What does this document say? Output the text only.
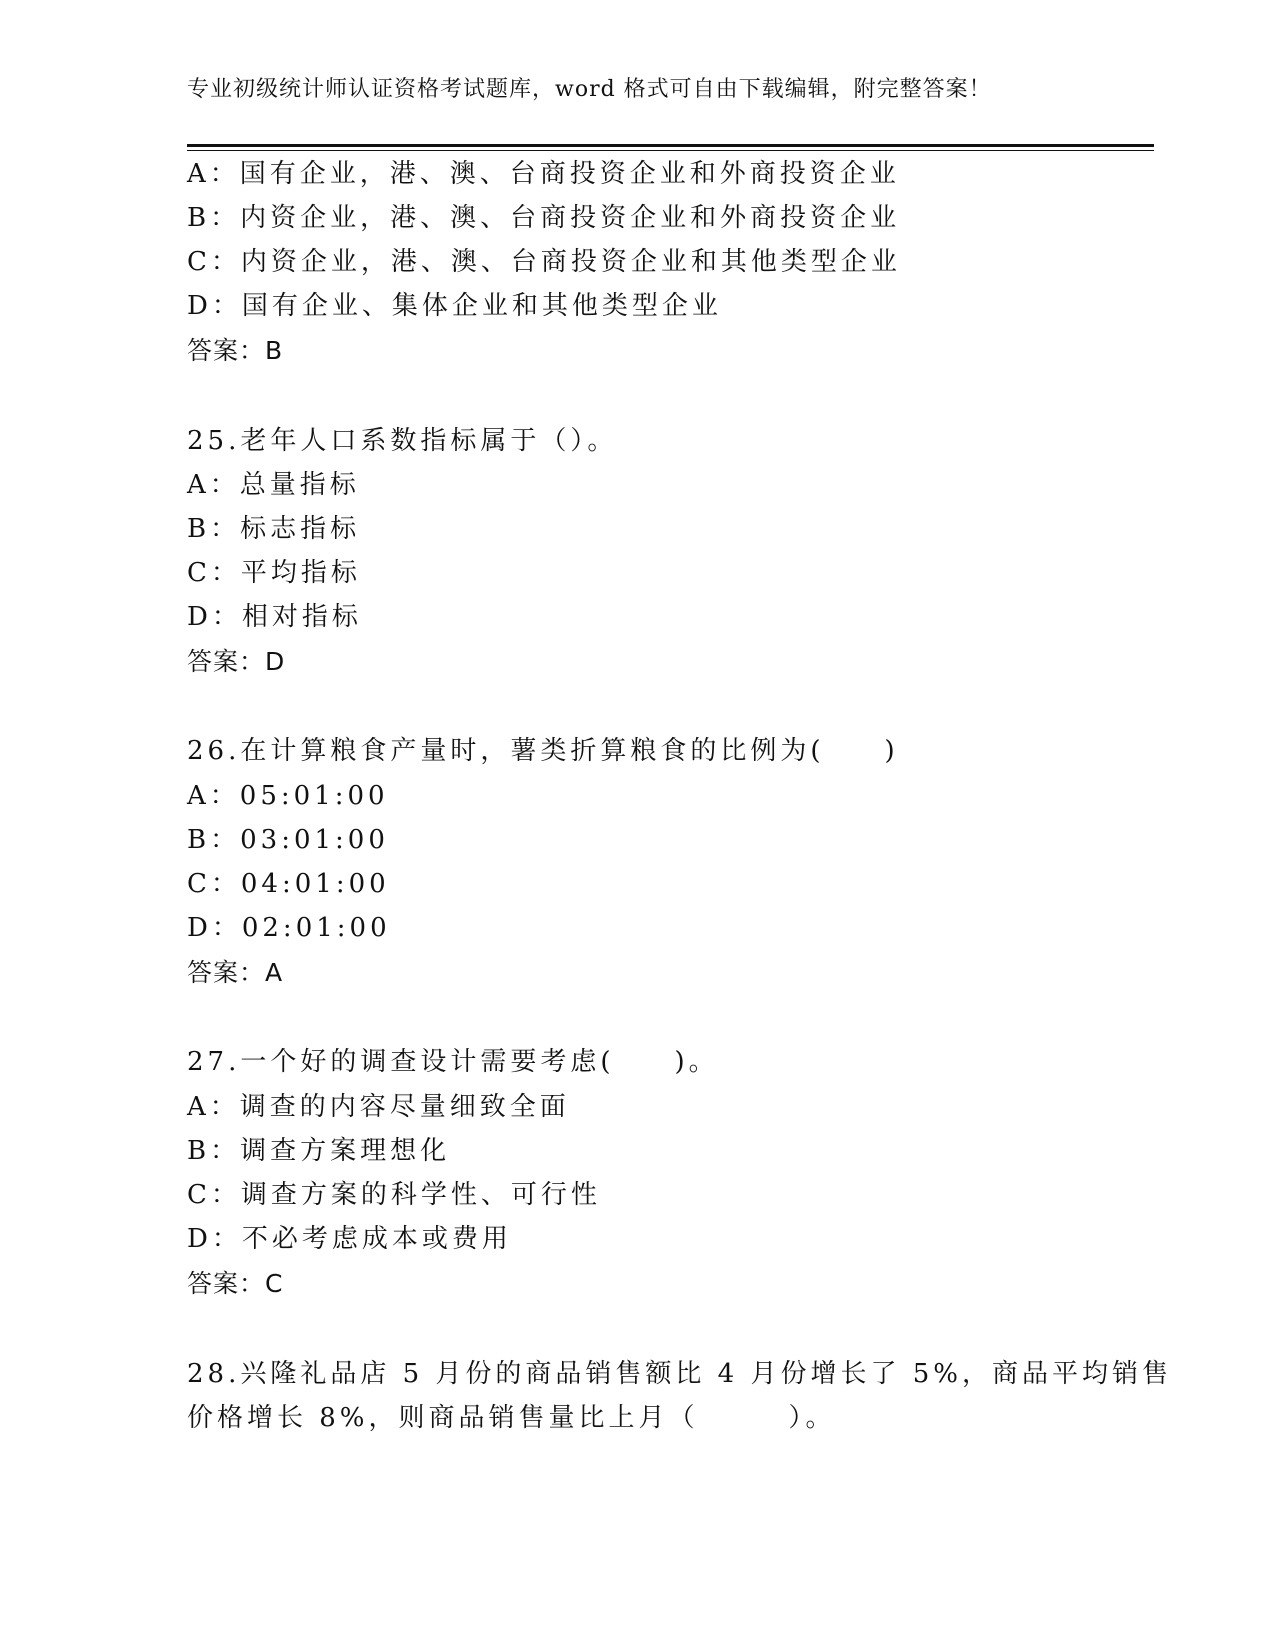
专业初级统计师认证资格考试题库，word 格式可自由下载编辑，附完整答案！
A：国有企业，港、澳、台商投资企业和外商投资企业
B：内资企业，港、澳、台商投资企业和外商投资企业
C：内资企业，港、澳、台商投资企业和其他类型企业
D：国有企业、集体企业和其他类型企业
答案：B
25.老年人口系数指标属于（）。
A：总量指标
B：标志指标
C：平均指标
D：相对指标
答案：D
26.在计算粮食产量时，薯类折算粮食的比例为(　　)
A：05:01:00
B：03:01:00
C：04:01:00
D：02:01:00
答案：A
27.一个好的调查设计需要考虑(　　)。
A：调查的内容尽量细致全面
B：调查方案理想化
C：调查方案的科学性、可行性
D：不必考虑成本或费用
答案：C
28.兴隆礼品店 5 月份的商品销售额比 4 月份增长了 5%，商品平均销售
价格增长 8%，则商品销售量比上月（　　　）。
